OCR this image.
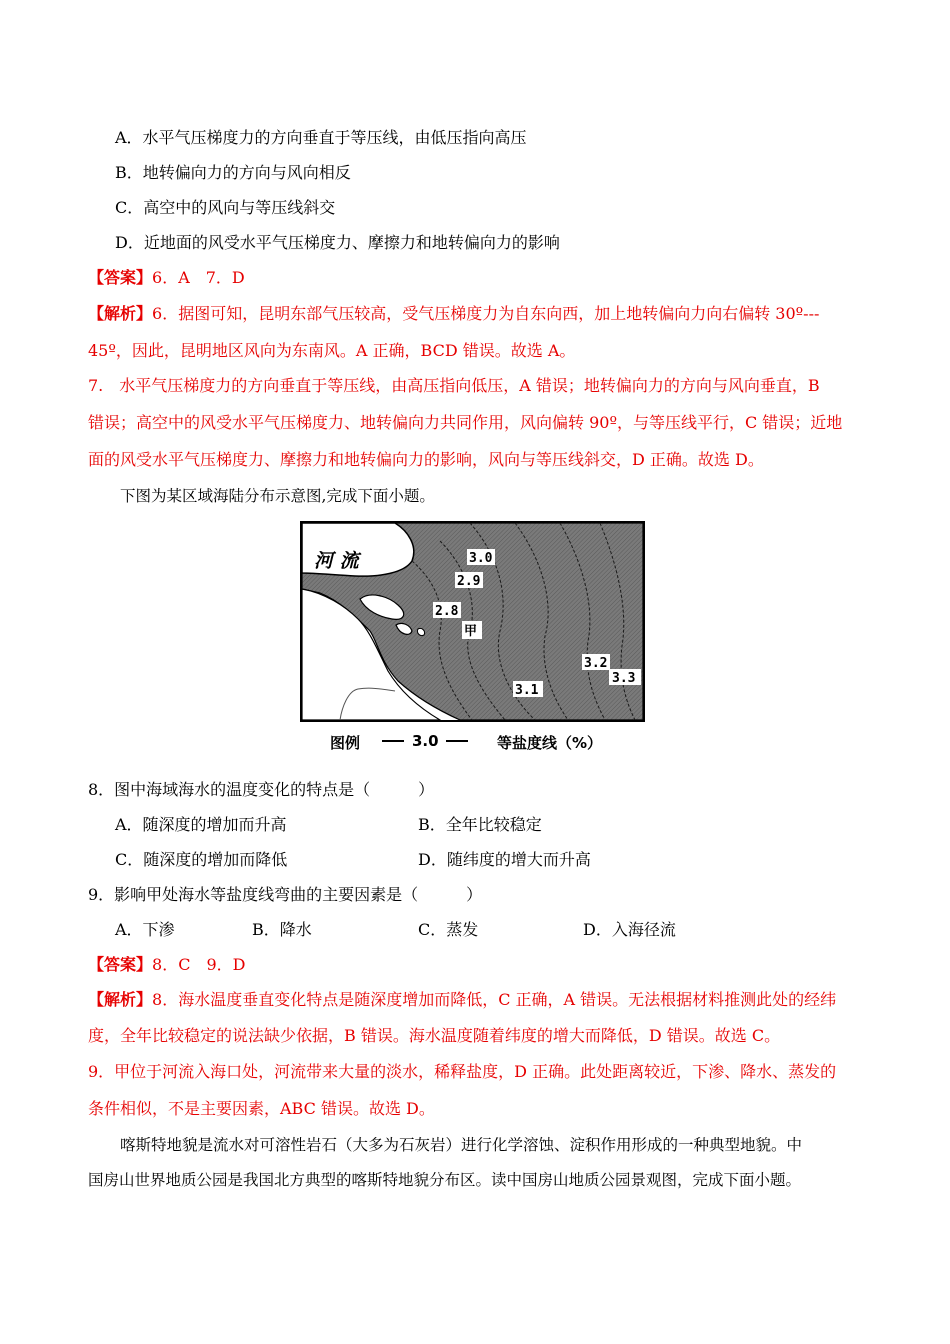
A．水平气压梯度力的方向垂直于等压线，由低压指向高压
B．地转偏向力的方向与风向相反
C．高空中的风向与等压线斜交
D．近地面的风受水平气压梯度力、摩擦力和地转偏向力的影响
【答案】6．A　7．D
【解析】6．据图可知，昆明东部气压较高，受气压梯度力为自东向西，加上地转偏向力向右偏转 30º---
45º，因此，昆明地区风向为东南风。A 正确，BCD 错误。故选 A。
7.　水平气压梯度力的方向垂直于等压线，由高压指向低压，A 错误；地转偏向力的方向与风向垂直，B
错误；高空中的风受水平气压梯度力、地转偏向力共同作用，风向偏转 90º，与等压线平行，C 错误；近地
面的风受水平气压梯度力、摩擦力和地转偏向力的影响，风向与等压线斜交，D 正确。故选 D。
下图为某区域海陆分布示意图,完成下面小题。
河 流	3.0
2.9
2.8
3.2
3.3
3.1
甲
图例	3.0	等盐度线（%）
8．图中海域海水的温度变化的特点是（　　　）
A．随深度的增加而升高	B．全年比较稳定
C．随深度的增加而降低	D．随纬度的增大而升高
9．影响甲处海水等盐度线弯曲的主要因素是（　　　）
A．下渗	B．降水	C．蒸发	D．入海径流
【答案】8．C　9．D
【解析】8．海水温度垂直变化特点是随深度增加而降低，C 正确，A 错误。无法根据材料推测此处的经纬
度，全年比较稳定的说法缺少依据，B 错误。海水温度随着纬度的增大而降低，D 错误。故选 C。
9．甲位于河流入海口处，河流带来大量的淡水，稀释盐度，D 正确。此处距离较近，下渗、降水、蒸发的
条件相似，不是主要因素，ABC 错误。故选 D。
喀斯特地貌是流水对可溶性岩石（大多为石灰岩）进行化学溶蚀、淀积作用形成的一种典型地貌。中
国房山世界地质公园是我国北方典型的喀斯特地貌分布区。读中国房山地质公园景观图，完成下面小题。
